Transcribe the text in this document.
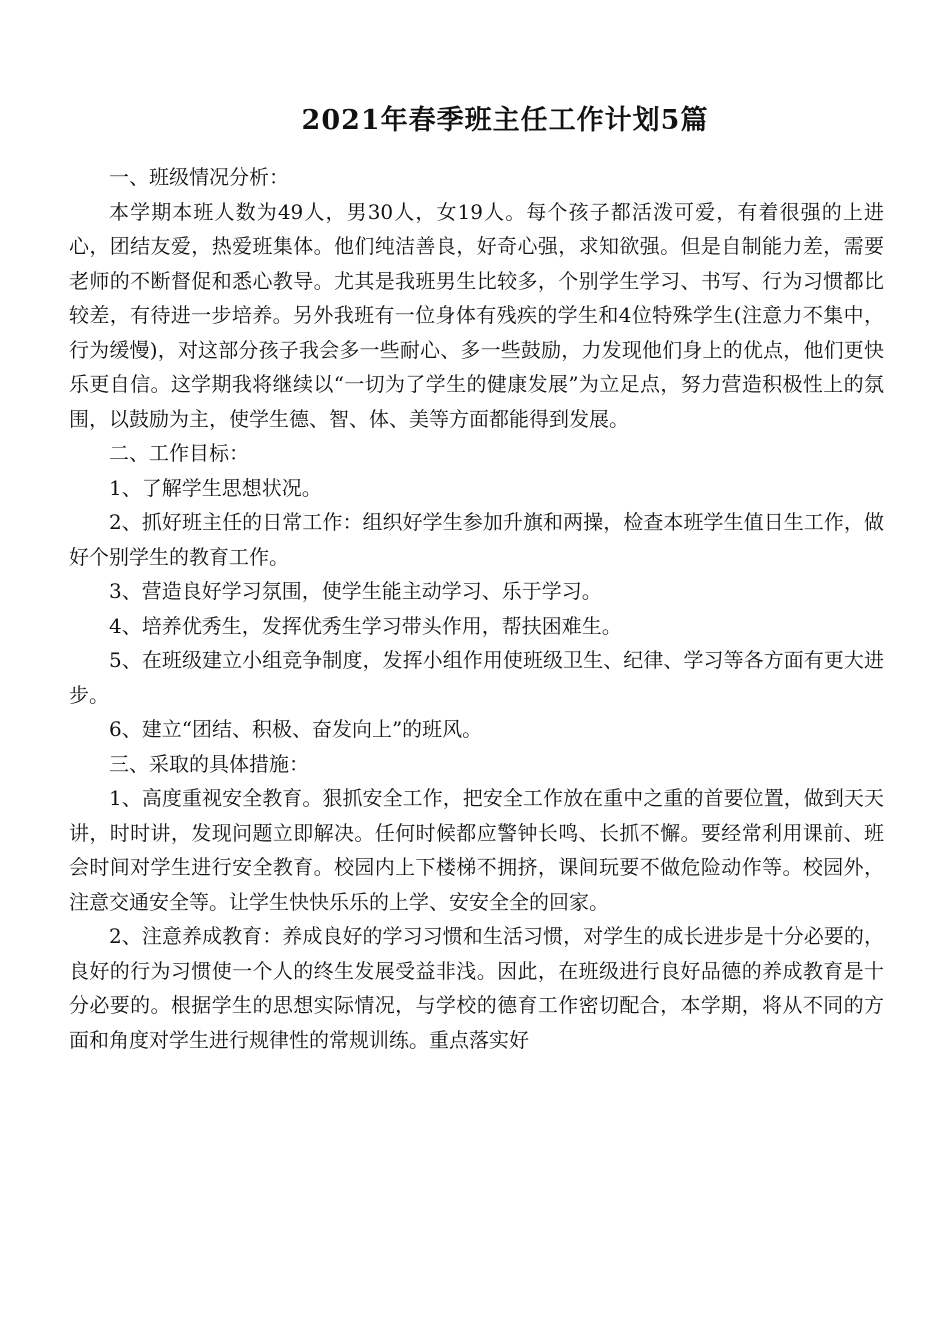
2021年春季班主任工作计划5篇

一、班级情况分析：

本学期本班人数为49人，男30人，女19人。每个孩子都活泼可爱，有着很强的上进心，团结友爱，热爱班集体。他们纯洁善良，好奇心强，求知欲强。但是自制能力差，需要老师的不断督促和悉心教导。尤其是我班男生比较多，个别学生学习、书写、行为习惯都比较差，有待进一步培养。另外我班有一位身体有残疾的学生和4位特殊学生(注意力不集中，行为缓慢)，对这部分孩子我会多一些耐心、多一些鼓励，力发现他们身上的优点，他们更快乐更自信。这学期我将继续以“一切为了学生的健康发展”为立足点，努力营造积极性上的氛围，以鼓励为主，使学生德、智、体、美等方面都能得到发展。

二、工作目标：

1、了解学生思想状况。

2、抓好班主任的日常工作：组织好学生参加升旗和两操，检查本班学生值日生工作，做好个别学生的教育工作。

3、营造良好学习氛围，使学生能主动学习、乐于学习。

4、培养优秀生，发挥优秀生学习带头作用，帮扶困难生。

5、在班级建立小组竞争制度，发挥小组作用使班级卫生、纪律、学习等各方面有更大进步。

6、建立“团结、积极、奋发向上”的班风。

三、采取的具体措施：

1、高度重视安全教育。狠抓安全工作，把安全工作放在重中之重的首要位置，做到天天讲，时时讲，发现问题立即解决。任何时候都应警钟长鸣、长抓不懈。要经常利用课前、班会时间对学生进行安全教育。校园内上下楼梯不拥挤，课间玩要不做危险动作等。校园外，注意交通安全等。让学生快快乐乐的上学、安安全全的回家。

2、注意养成教育：养成良好的学习习惯和生活习惯，对学生的成长进步是十分必要的，良好的行为习惯使一个人的终生发展受益非浅。因此，在班级进行良好品德的养成教育是十分必要的。根据学生的思想实际情况，与学校的德育工作密切配合，本学期，将从不同的方面和角度对学生进行规律性的常规训练。重点落实好
